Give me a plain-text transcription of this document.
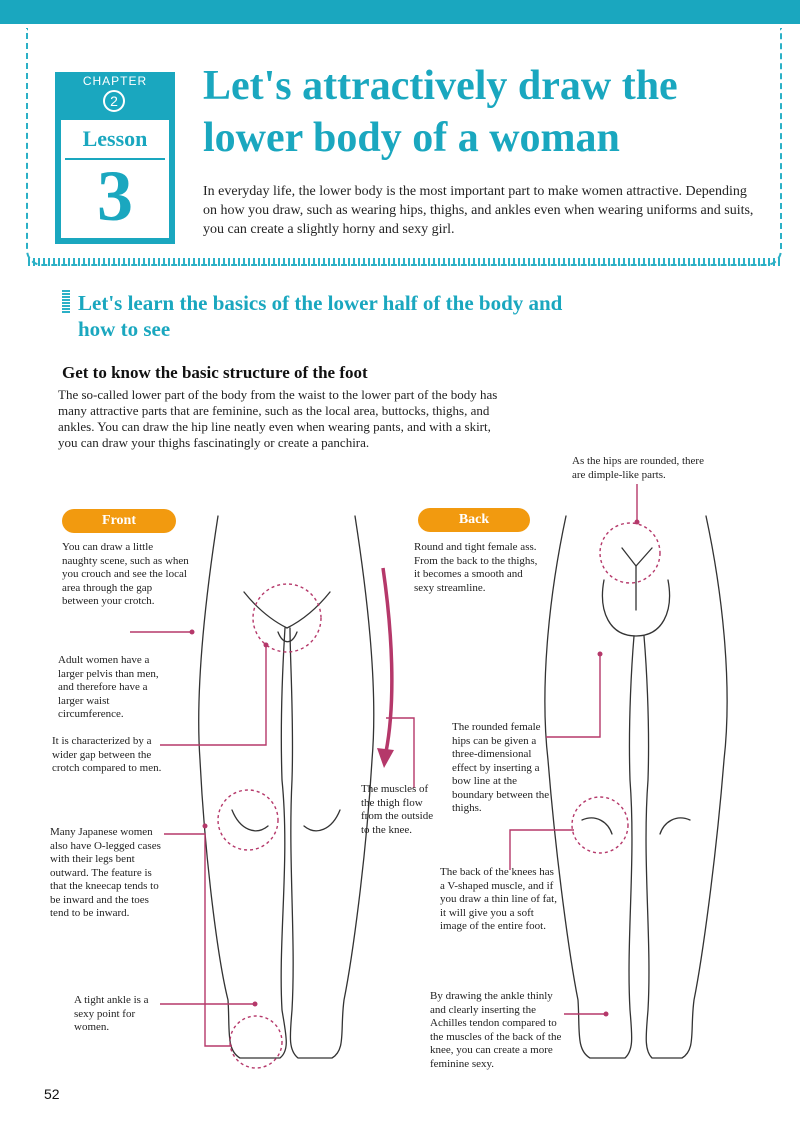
CHAPTER
2
Lesson
3
Let's attractively draw the lower body of a woman

In everyday life, the lower body is the most important part to make women attractive. Depending on how you draw, such as wearing hips, thighs, and ankles even when wearing uniforms and suits, you can create a slightly horny and sexy girl.

Let's learn the basics of the lower half of the body and how to see
Get to know the basic structure of the foot

The so-called lower part of the body from the waist to the lower part of the body has many attractive parts that are feminine, such as the local area, buttocks, thighs, and ankles. You can draw the hip line neatly even when wearing pants, and with a skirt, you can draw your thighs fascinatingly or create a panchira.

Front	Back

You can draw a little naughty scene, such as when you crouch and see the local area through the gap between your crotch.

Adult women have a larger pelvis than men, and therefore have a larger waist circumference.

It is characterized by a wider gap between the crotch compared to men.

Many Japanese women also have O-legged cases with their legs bent outward. The feature is that the kneecap tends to be inward and the toes tend to be inward.

A tight ankle is a sexy point for women.

Round and tight female ass. From the back to the thighs, it becomes a smooth and sexy streamline.

As the hips are rounded, there are dimple-like parts.

The rounded female hips can be given a three-dimensional effect by inserting a bow line at the boundary between the thighs.

The back of the knees has a V-shaped muscle, and if you draw a thin line of fat, it will give you a soft image of the entire foot.

By drawing the ankle thinly and clearly inserting the Achilles tendon compared to the muscles of the back of the knee, you can create a more feminine sexy.

The muscles of the thigh flow from the outside to the knee.

52
